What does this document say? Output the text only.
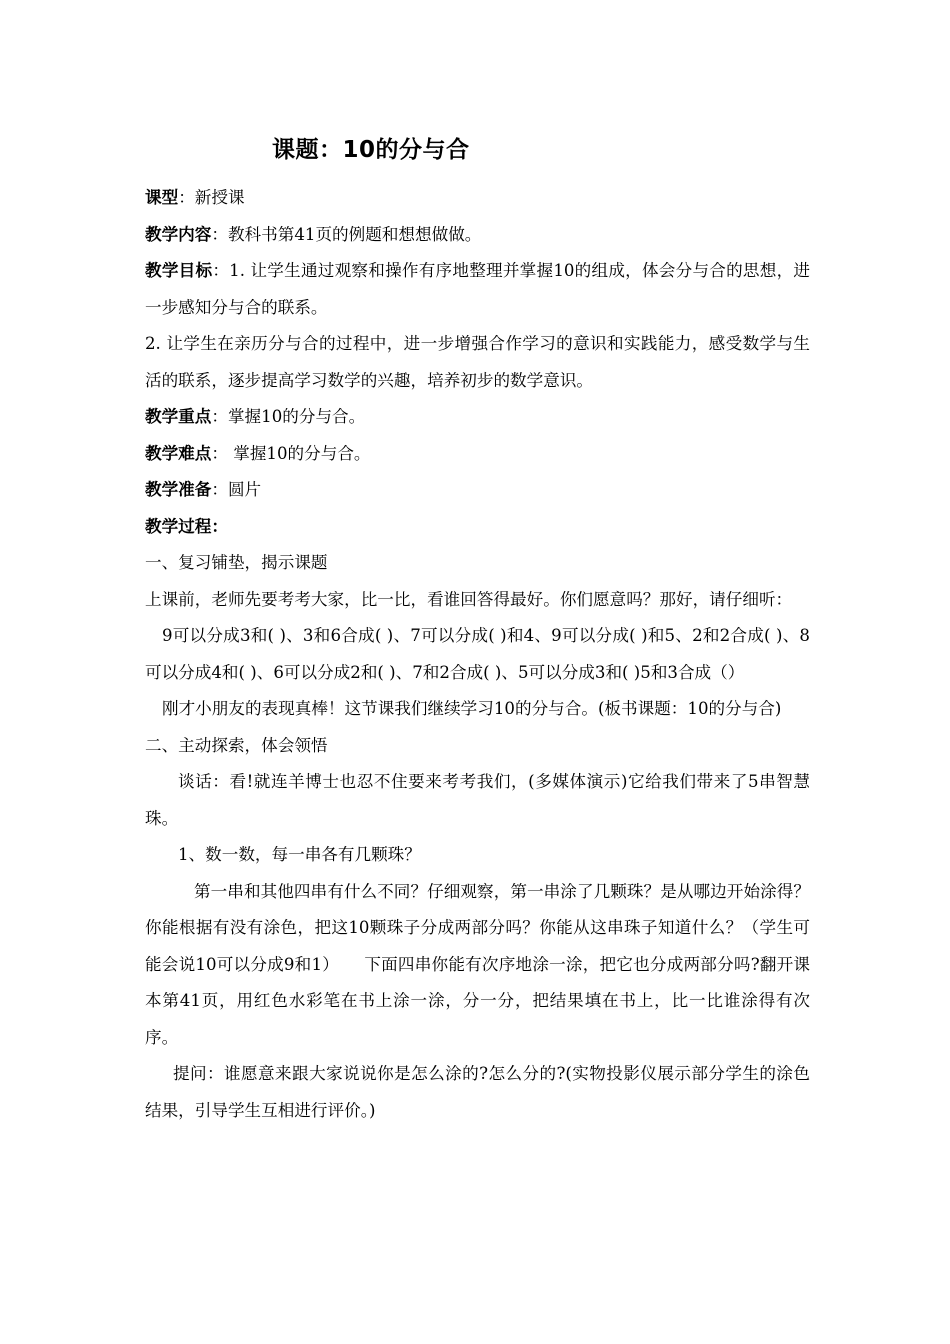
课题：10的分与合

课型：新授课

教学内容：教科书第41页的例题和想想做做。

教学目标：1. 让学生通过观察和操作有序地整理并掌握10的组成，体会分与合的思想，进一步感知分与合的联系。

2. 让学生在亲历分与合的过程中，进一步增强合作学习的意识和实践能力，感受数学与生活的联系，逐步提高学习数学的兴趣，培养初步的数学意识。

教学重点：掌握10的分与合。

教学难点： 掌握10的分与合。

教学准备：圆片

教学过程：

一、复习铺垫，揭示课题

上课前，老师先要考考大家，比一比，看谁回答得最好。你们愿意吗？那好，请仔细听：

9可以分成3和( )、3和6合成( )、7可以分成( )和4、9可以分成( )和5、2和2合成( )、8可以分成4和( )、6可以分成2和( )、7和2合成( )、5可以分成3和( )5和3合成（）

刚才小朋友的表现真棒！这节课我们继续学习10的分与合。(板书课题：10的分与合)

二、主动探索，体会领悟

谈话：看!就连羊博士也忍不住要来考考我们，(多媒体演示)它给我们带来了5串智慧珠。

1、数一数，每一串各有几颗珠？

第一串和其他四串有什么不同？仔细观察，第一串涂了几颗珠？是从哪边开始涂得？你能根据有没有涂色，把这10颗珠子分成两部分吗？你能从这串珠子知道什么？（学生可能会说10可以分成9和1）　　下面四串你能有次序地涂一涂，把它也分成两部分吗?翻开课本第41页，用红色水彩笔在书上涂一涂，分一分，把结果填在书上，比一比谁涂得有次序。

提问：谁愿意来跟大家说说你是怎么涂的?怎么分的?(实物投影仪展示部分学生的涂色结果，引导学生互相进行评价。)
